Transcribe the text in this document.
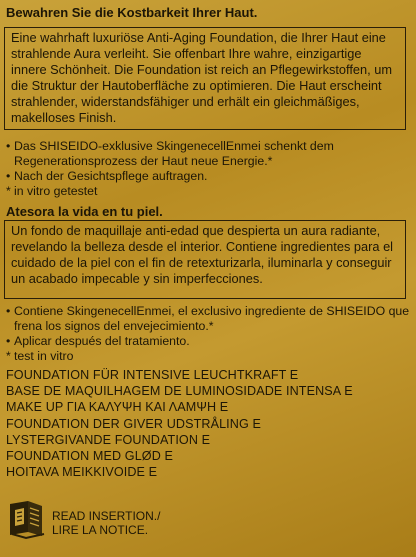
Bewahren Sie die Kostbarkeit Ihrer Haut.
Eine wahrhaft luxuriöse Anti-Aging Foundation, die Ihrer Haut eine strahlende Aura verleiht. Sie offenbart Ihre wahre, einzigartige innere Schönheit. Die Foundation ist reich an Pflegewirkstoffen, um die Struktur der Hautoberfläche zu optimieren. Die Haut erscheint strahlender, widerstandsfähiger und erhält ein gleichmäßiges, makelloses Finish.
• Das SHISEIDO-exklusive SkingenecellEnmei schenkt dem Regenerationsprozess der Haut neue Energie.*
• Nach der Gesichtspflege auftragen.
* in vitro getestet
Atesora la vida en tu piel.
Un fondo de maquillaje anti-edad que despierta un aura radiante, revelando la belleza desde el interior. Contiene ingredientes para el cuidado de la piel con el fin de retexturizarla, iluminarla y conseguir un acabado impecable y sin imperfecciones.
• Contiene SkingenecellEnmei, el exclusivo ingrediente de SHISEIDO que frena los signos del envejecimiento.*
• Aplicar después del tratamiento.
* test in vitro
FOUNDATION FÜR INTENSIVE LEUCHTKRAFT E
BASE DE MAQUILHAGEM DE LUMINOSIDADE INTENSA E
MAKE UP ΓΙΑ ΚΑΛΥΨΗ ΚΑΙ ΛΑΜΨΗ E
FOUNDATION DER GIVER UDSTRÅLING E
LYSTERGIVANDE FOUNDATION E
FOUNDATION MED GLØD E
HOITAVA MEIKKIVOIDE E
READ INSERTION./
LIRE LA NOTICE.
